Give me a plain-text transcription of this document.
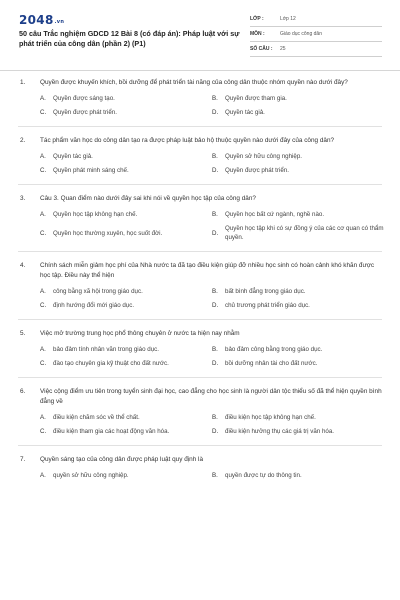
$2048^{.vn}$
50 câu Trắc nghiệm GDCD 12 Bài 8 (có đáp án): Pháp luật với sự phát triển của công dân (phần 2) (P1)
LỚP :	Lớp 12
MÔN :	Giáo dục công dân
SỐ CÂU :	25
1.	Quyền được khuyến khích, bồi dưỡng để phát triển tài năng của công dân thuộc nhóm quyền nào dưới đây?
A.	Quyền được sáng tạo.	B.	Quyền được tham gia.
C.	Quyền được phát triển.	D.	Quyền tác giả.
2.	Tác phẩm văn học do công dân tạo ra được pháp luật bảo hộ thuộc quyền nào dưới đây của công dân?
A.	Quyền tác giả.	B.	Quyền sở hữu công nghiệp.
C.	Quyền phát minh sáng chế.	D.	Quyền được phát triển.
3.	Câu 3. Quan điểm nào dưới đây sai khi nói về quyền học tập của công dân?
A.	Quyền học tập không hạn chế.	B.	Quyền học bất cứ ngành, nghề nào.
C.	Quyền học thường xuyên, học suốt đời.	D.
Quyền học tập khi có sự đồng ý của các cơ quan có thẩm quyền.
4.	Chính sách miễn giảm học phí của Nhà nước ta đã tạo điều kiện giúp đỡ nhiều học sinh có hoàn cảnh khó khăn được học tập. Điều này thể hiện
A.	công bằng xã hội trong giáo dục.	B.	bất bình đẳng trong giáo dục.
C.	định hướng đổi mới giáo dục.	D.	chủ trương phát triển giáo dục.
5.	Việc mở trường trung học phổ thông chuyên ở nước ta hiện nay nhằm
A.	bảo đảm tính nhân văn trong giáo dục.	B.	bảo đảm công bằng trong giáo dục.
C.	đào tạo chuyên gia kỹ thuật cho đất nước.	D.	bồi dưỡng nhân tài cho đất nước.
6.	Việc cộng điểm ưu tiên trong tuyển sinh đại học, cao đẳng cho học sinh là người dân tộc thiểu số đã thể hiện quyền bình đẳng về
A.	điều kiện chăm sóc về thể chất.	B.	điều kiện học tập không hạn chế.
C.	điều kiện tham gia các hoạt động văn hóa.	D.	điều kiện hưởng thụ các giá trị văn hóa.
7.	Quyền sáng tạo của công dân được pháp luật quy định là
A.	quyền sở hữu công nghiệp.	B.	quyền được tự do thông tin.
